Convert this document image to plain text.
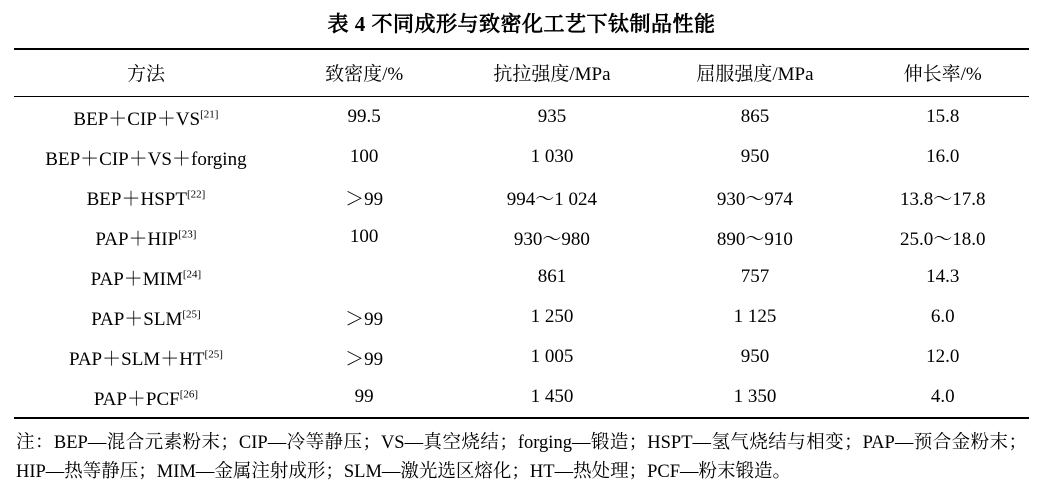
表 4 不同成形与致密化工艺下钛制品性能
方法	致密度/%	抗拉强度/MPa	屈服强度/MPa	伸长率/%
BEP＋CIP＋VS[21]	99.5	935	865	15.8
BEP＋CIP＋VS＋forging	100	1 030	950	16.0
BEP＋HSPT[22]	＞99	994～1 024	930～974	13.8～17.8
PAP＋HIP[23]	100	930～980	890～910	25.0～18.0
PAP＋MIM[24]		861	757	14.3
PAP＋SLM[25]	＞99	1 250	1 125	6.0
PAP＋SLM＋HT[25]	＞99	1 005	950	12.0
PAP＋PCF[26]	99	1 450	1 350	4.0
注：BEP—混合元素粉末；CIP—冷等静压；VS—真空烧结；forging—锻造；HSPT—氢气烧结与相变；PAP—预合金粉末；HIP—热等静压；MIM—金属注射成形；SLM—激光选区熔化；HT—热处理；PCF—粉末锻造。
